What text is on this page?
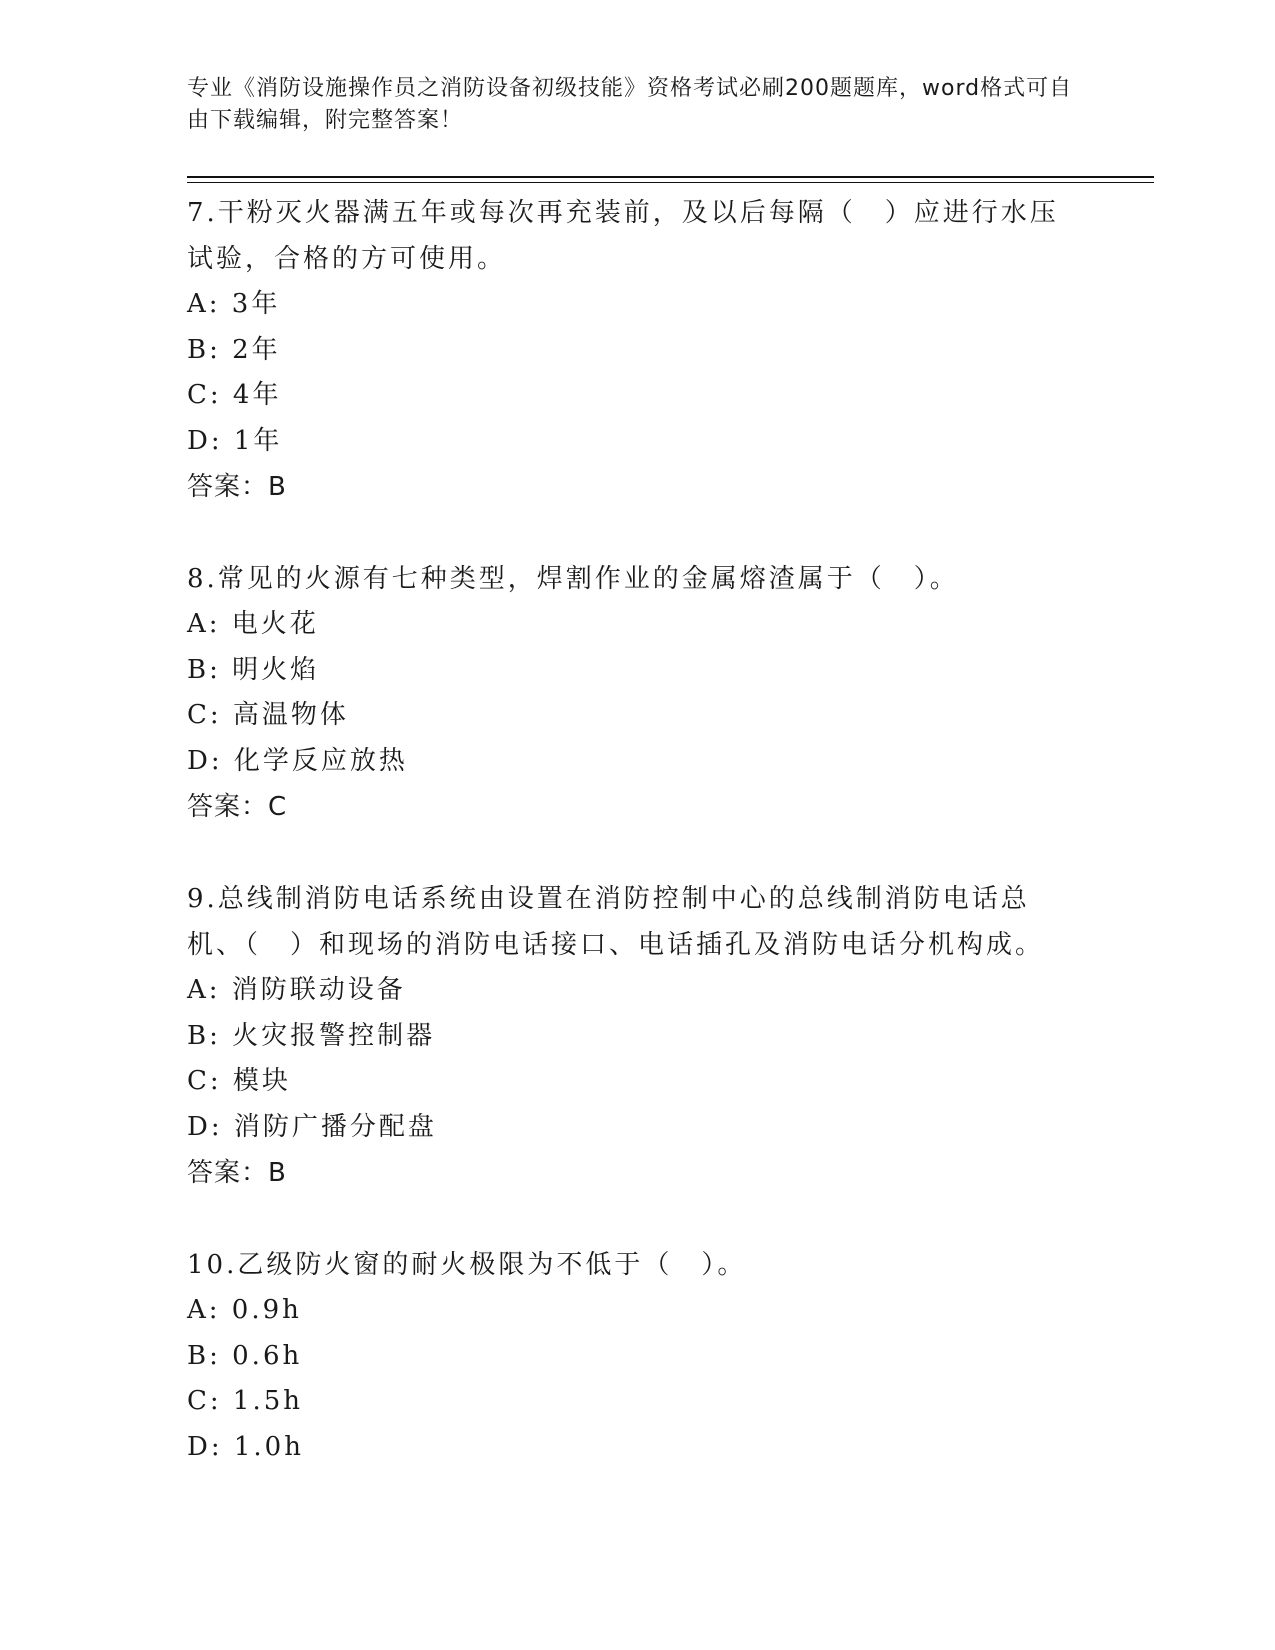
专业《消防设施操作员之消防设备初级技能》资格考试必刷200题题库，word格式可自由下载编辑，附完整答案！

7.干粉灭火器满五年或每次再充装前，及以后每隔（　）应进行水压试验，合格的方可使用。

A: 3年

B: 2年

C: 4年

D: 1年

答案：B

8.常见的火源有七种类型，焊割作业的金属熔渣属于（　）。

A: 电火花

B: 明火焰

C: 高温物体

D: 化学反应放热

答案：C

9.总线制消防电话系统由设置在消防控制中心的总线制消防电话总机、（　）和现场的消防电话接口、电话插孔及消防电话分机构成。

A: 消防联动设备

B: 火灾报警控制器

C: 模块

D: 消防广播分配盘

答案：B

10.乙级防火窗的耐火极限为不低于（　）。

A: 0.9h

B: 0.6h

C: 1.5h

D: 1.0h
